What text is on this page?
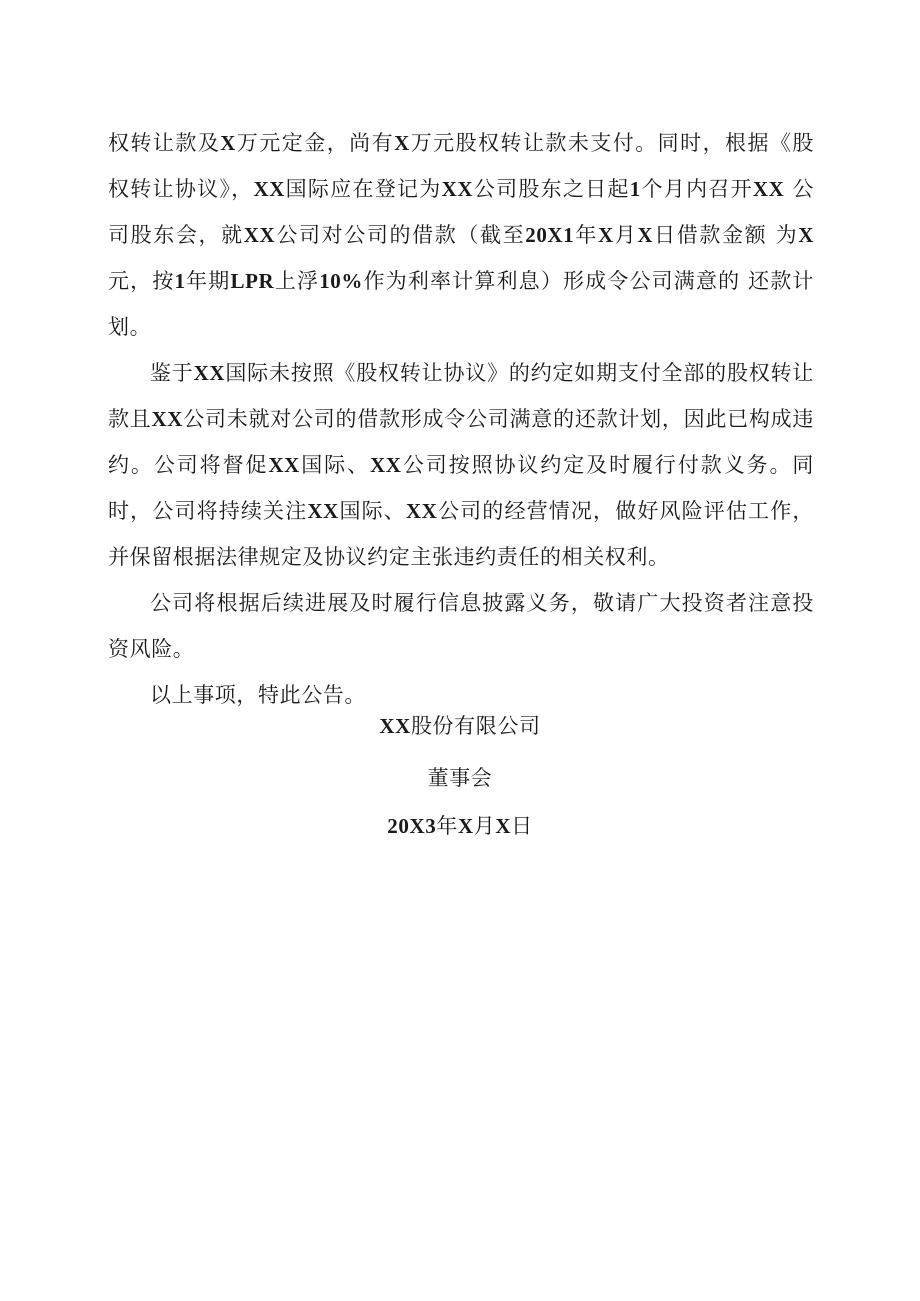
权转让款及X万元定金，尚有X万元股权转让款未支付。同时，根据《股 权转让协议》，XX国际应在登记为XX公司股东之日起1个月内召开XX 公司股东会，就XX公司对公司的借款（截至20X1年X月X日借款金额 为X元，按1年期LPR上浮10%作为利率计算利息）形成令公司满意的 还款计划。

鉴于XX国际未按照《股权转让协议》的约定如期支付全部的股权转让款且XX公司未就对公司的借款形成令公司满意的还款计划，因此已构成违约。公司将督促XX国际、XX公司按照协议约定及时履行付款义务。同时，公司将持续关注XX国际、XX公司的经营情况，做好风险评估工作，并保留根据法律规定及协议约定主张违约责任的相关权利。

公司将根据后续进展及时履行信息披露义务，敬请广大投资者注意投资风险。

以上事项，特此公告。

XX股份有限公司
董事会
20X3年X月X日
